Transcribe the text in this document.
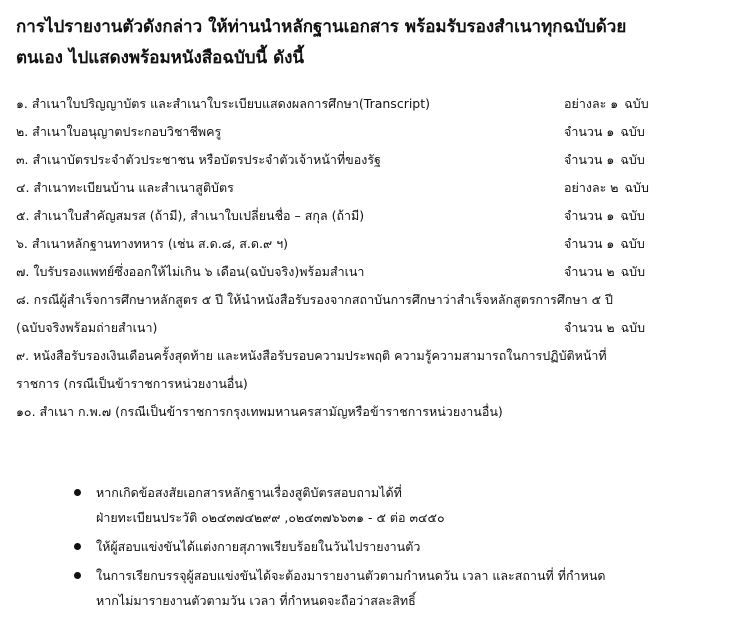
การไปรายงานตัวดังกล่าว ให้ท่านนำหลักฐานเอกสาร พร้อมรับรองสำเนาทุกฉบับด้วย
ตนเอง ไปแสดงพร้อมหนังสือฉบับนี้ ดังนี้
๑. สำเนาใบปริญญาบัตร และสำเนาใบระเบียบแสดงผลการศึกษา(Transcript)	อย่างละ ๑ ฉบับ
๒. สำเนาใบอนุญาตประกอบวิชาชีพครู	จำนวน ๑ ฉบับ
๓. สำเนาบัตรประจำตัวประชาชน หรือบัตรประจำตัวเจ้าหน้าที่ของรัฐ	จำนวน ๑ ฉบับ
๔. สำเนาทะเบียนบ้าน และสำเนาสูติบัตร	อย่างละ ๒ ฉบับ
๕. สำเนาใบสำคัญสมรส (ถ้ามี), สำเนาใบเปลี่ยนชื่อ – สกุล (ถ้ามี)	จำนวน ๑ ฉบับ
๖. สำเนาหลักฐานทางทหาร (เช่น ส.ด.๘, ส.ด.๙ ฯ)	จำนวน ๑ ฉบับ
๗. ใบรับรองแพทย์ซึ่งออกให้ไม่เกิน ๖ เดือน(ฉบับจริง)พร้อมสำเนา	จำนวน ๒ ฉบับ
๘. กรณีผู้สำเร็จการศึกษาหลักสูตร ๕ ปี ให้นำหนังสือรับรองจากสถาบันการศึกษาว่าสำเร็จหลักสูตรการศึกษา ๕ ปี
(ฉบับจริงพร้อมถ่ายสำเนา)	จำนวน ๒ ฉบับ
๙. หนังสือรับรองเงินเดือนครั้งสุดท้าย และหนังสือรับรอบความประพฤติ ความรู้ความสามารถในการปฏิบัติหน้าที่
ราชการ (กรณีเป็นข้าราชการหน่วยงานอื่น)
๑๐. สำเนา ก.พ.๗ (กรณีเป็นข้าราชการกรุงเทพมหานครสามัญหรือข้าราชการหน่วยงานอื่น)
หากเกิดข้อสงสัยเอกสารหลักฐานเรื่องสูติบัตรสอบถามได้ที่
ฝ่ายทะเบียนประวัติ ๐๒๔๓๗๔๒๙๙ ,๐๒๔๓๗๖๖๓๑ - ๕ ต่อ ๓๔๕๐
ให้ผู้สอบแข่งขันได้แต่งกายสุภาพเรียบร้อยในวันไปรายงานตัว
ในการเรียกบรรจุผู้สอบแข่งขันได้จะต้องมารายงานตัวตามกำหนดวัน เวลา และสถานที่ ที่กำหนด
หากไม่มารายงานตัวตามวัน เวลา ที่กำหนดจะถือว่าสละสิทธิ์
